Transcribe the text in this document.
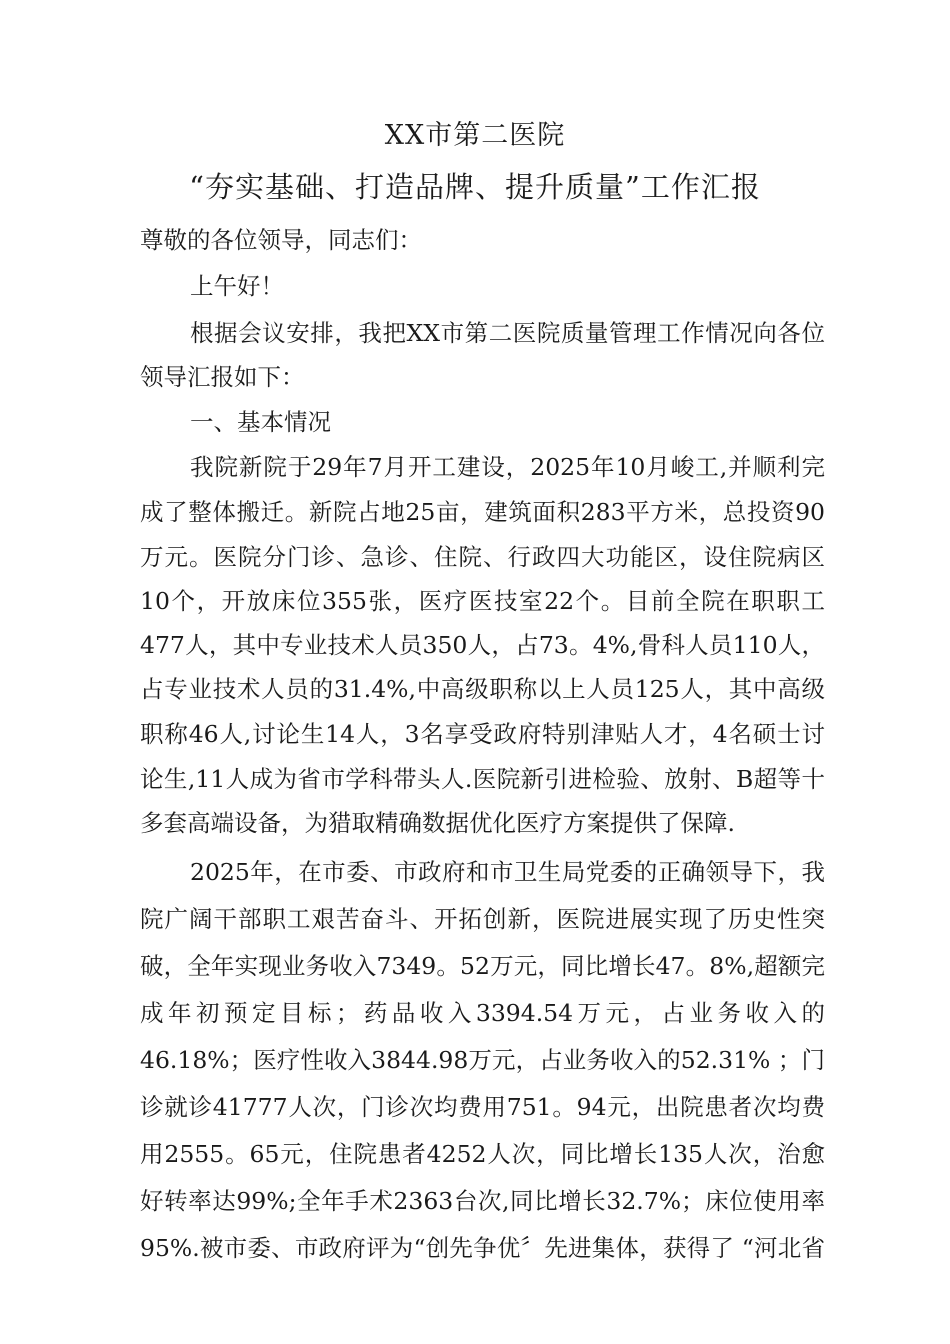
XX市第二医院
“夯实基础、打造品牌、提升质量”工作汇报
尊敬的各位领导，同志们：
上午好！
根据会议安排，我把XX市第二医院质量管理工作情况向各位
领导汇报如下：
一、基本情况
我院新院于29年7月开工建设，2025年10月峻工,并顺利完
成了整体搬迁。新院占地25亩，建筑面积283平方米，总投资90
万元。医院分门诊、急诊、住院、行政四大功能区，设住院病区
10个，开放床位355张，医疗医技室22个。目前全院在职职工
477人，其中专业技术人员350人，占73。4%,骨科人员110人，
占专业技术人员的31.4%,中高级职称以上人员125人，其中高级
职称46人,讨论生14人，3名享受政府特别津贴人才，4名硕士讨
论生,11人成为省市学科带头人.医院新引进检验、放射、B超等十
多套高端设备，为猎取精确数据优化医疗方案提供了保障.
2025年，在市委、市政府和市卫生局党委的正确领导下，我
院广阔干部职工艰苦奋斗、开拓创新，医院进展实现了历史性突
破，全年实现业务收入7349。52万元，同比增长47。8%,超额完
成年初预定目标；药品收入3394.54万元，占业务收入的
46.18%；医疗性收入3844.98万元，占业务收入的52.31% ；门
诊就诊41777人次，门诊次均费用751。94元，出院患者次均费
用2555。65元，住院患者4252人次，同比增长135人次，治愈
好转率达99%;全年手术2363台次,同比增长32.7%；床位使用率
95%.被市委、市政府评为“创先争优〞先进集体，获得了 “河北省
